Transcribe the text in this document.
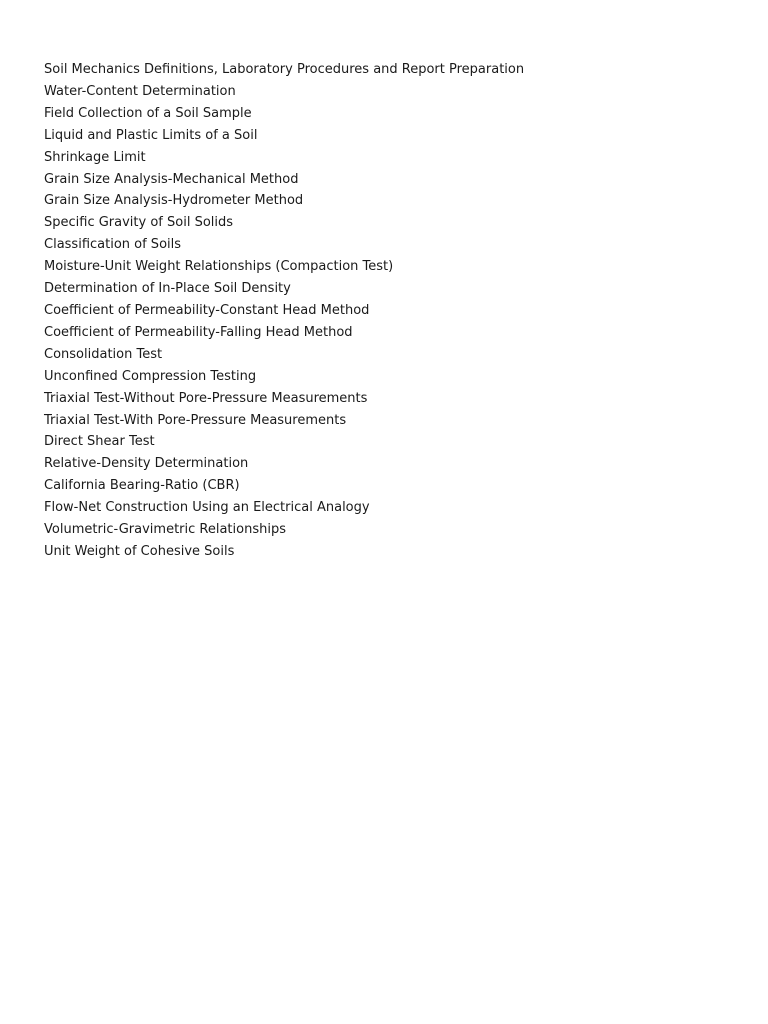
Soil Mechanics Definitions, Laboratory Procedures and Report Preparation
Water-Content Determination
Field Collection of a Soil Sample
Liquid and Plastic Limits of a Soil
Shrinkage Limit
Grain Size Analysis-Mechanical Method
Grain Size Analysis-Hydrometer Method
Specific Gravity of Soil Solids
Classification of Soils
Moisture-Unit Weight Relationships (Compaction Test)
Determination of In-Place Soil Density
Coefficient of Permeability-Constant Head Method
Coefficient of Permeability-Falling Head Method
Consolidation Test
Unconfined Compression Testing
Triaxial Test-Without Pore-Pressure Measurements
Triaxial Test-With Pore-Pressure Measurements
Direct Shear Test
Relative-Density Determination
California Bearing-Ratio (CBR)
Flow-Net Construction Using an Electrical Analogy
Volumetric-Gravimetric Relationships
Unit Weight of Cohesive Soils
